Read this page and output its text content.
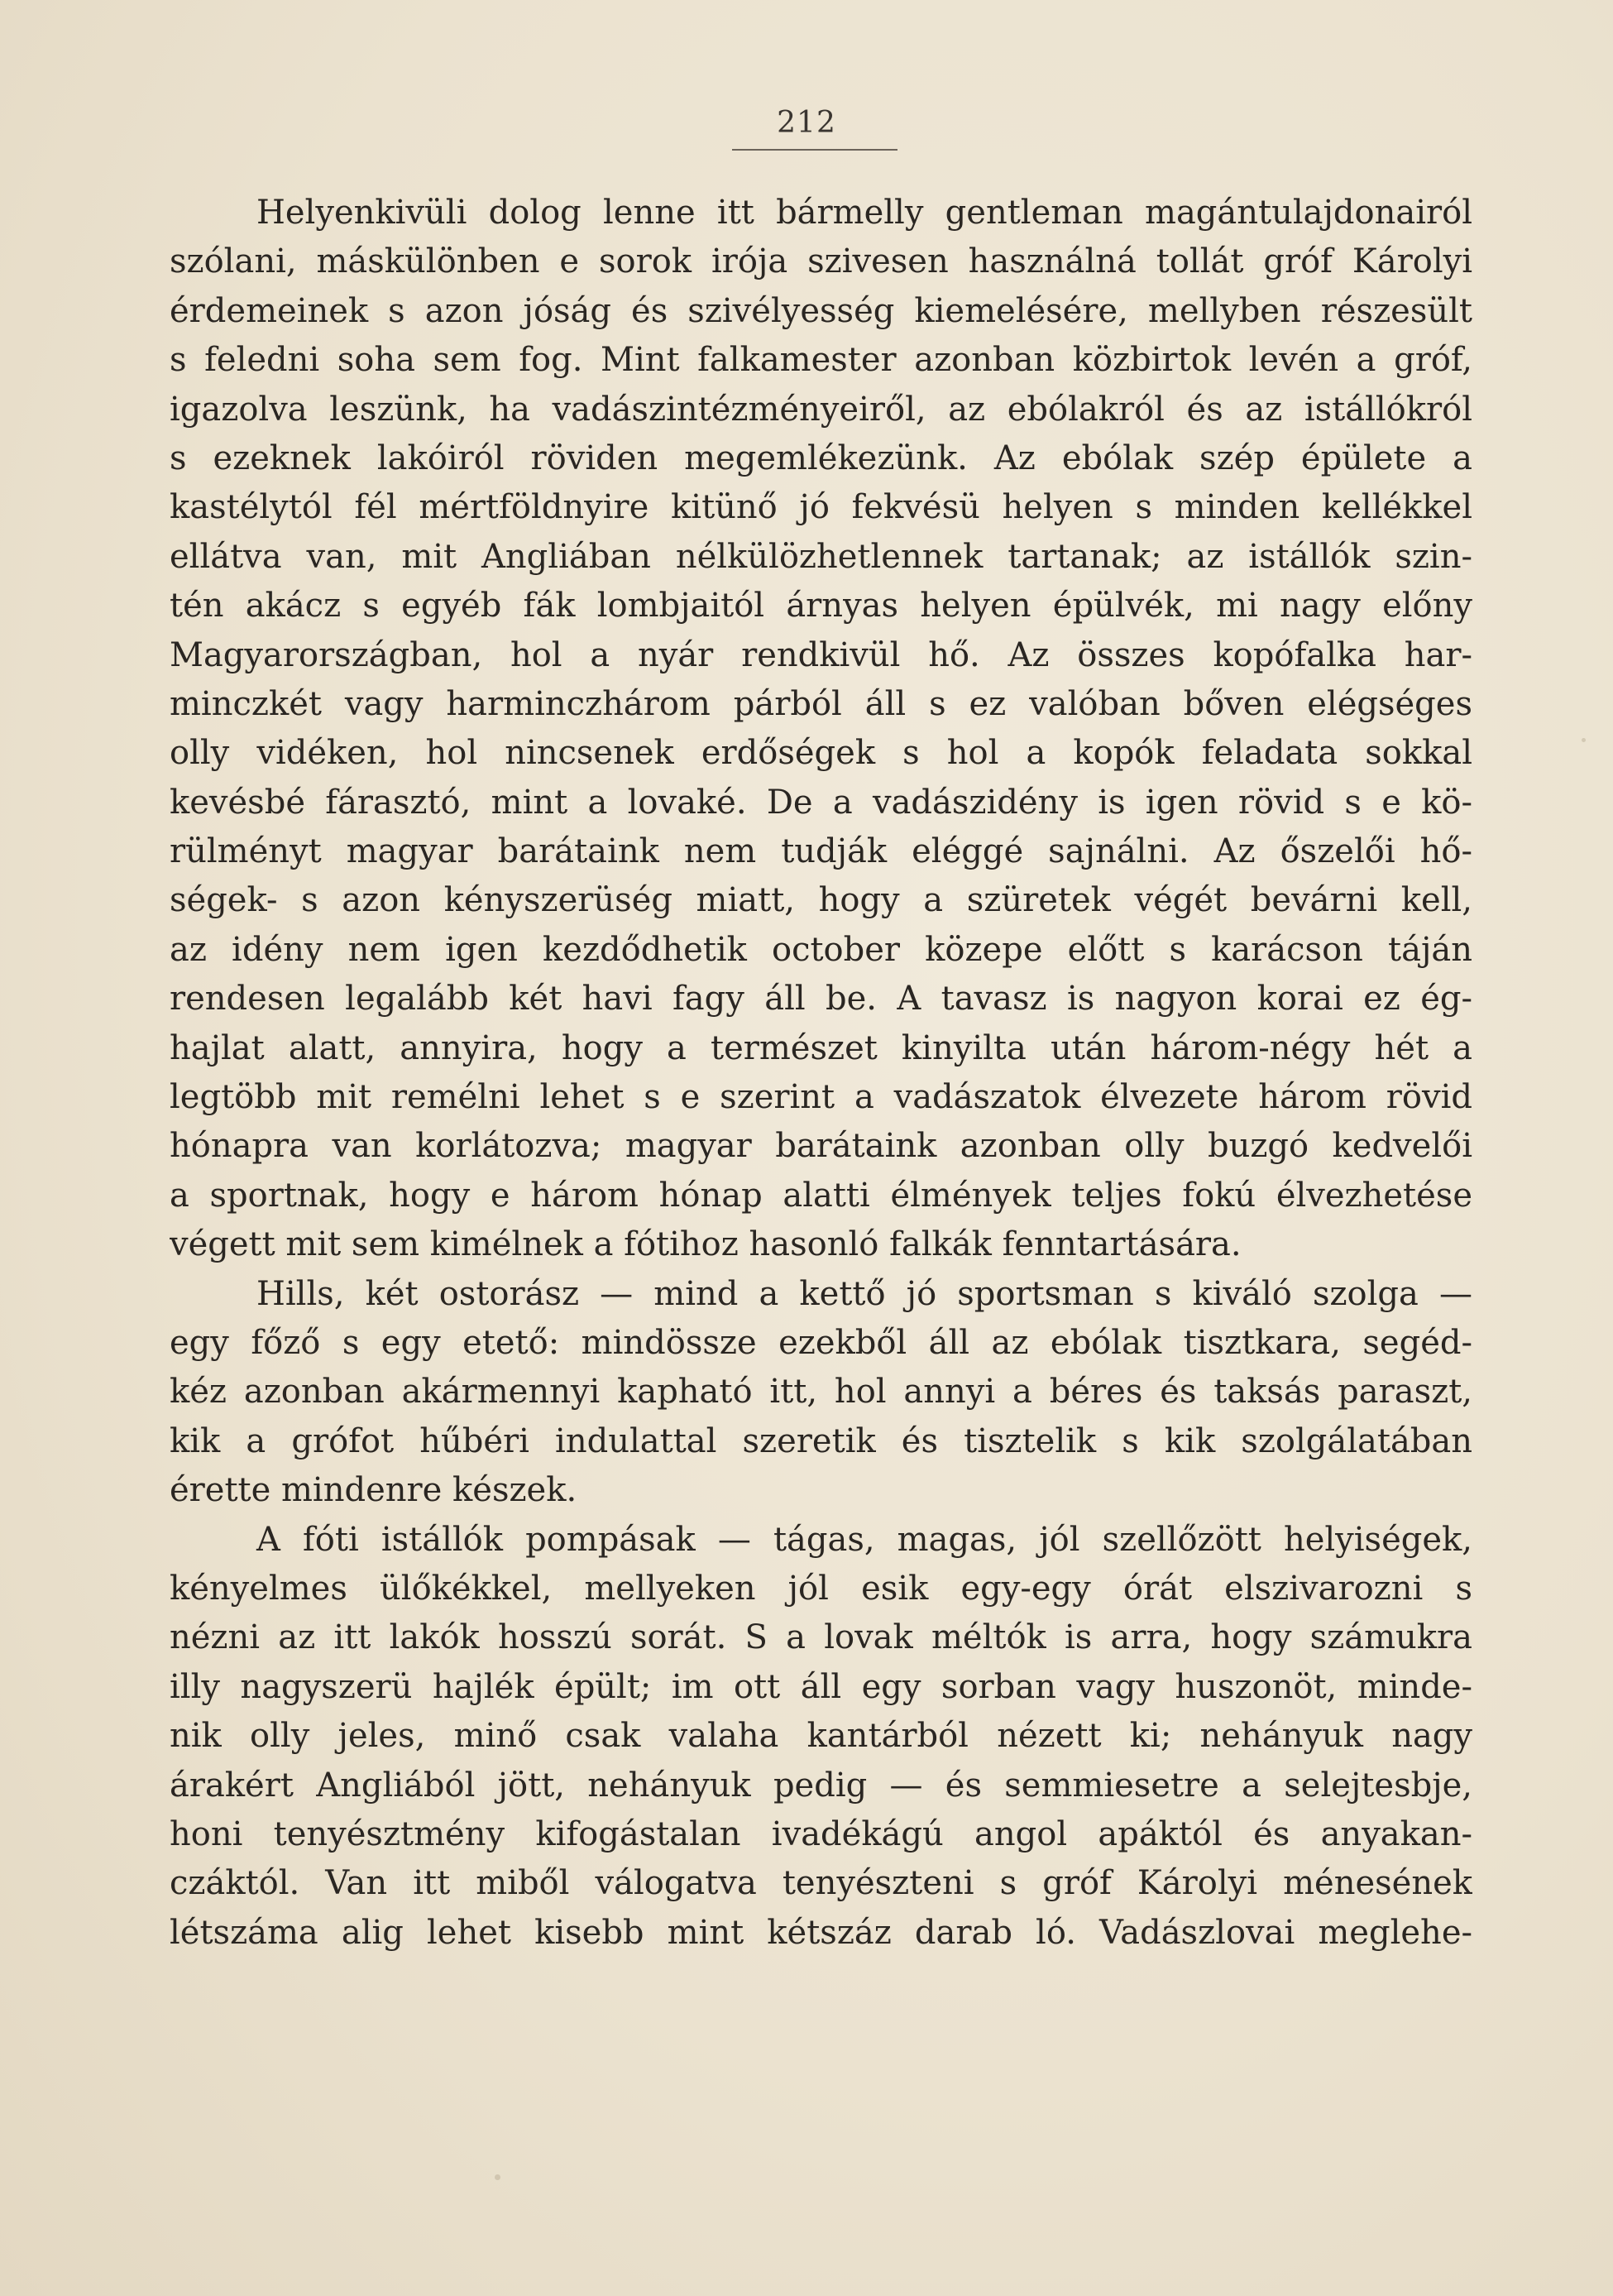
212
Helyenkivüli dolog lenne itt bármelly gentleman magántulajdonairól
szólani, máskülönben e sorok irója szivesen használná tollát gróf Károlyi
érdemeinek s azon jóság és szivélyesség kiemelésére, mellyben részesült
s feledni soha sem fog. Mint falkamester azonban közbirtok levén a gróf,
igazolva leszünk, ha vadászintézményeiről, az ebólakról és az istállókról
s ezeknek lakóiról röviden megemlékezünk. Az ebólak szép épülete a
kastélytól fél mértföldnyire kitünő jó fekvésü helyen s minden kellékkel
ellátva van, mit Angliában nélkülözhetlennek tartanak; az istállók szin-
tén akácz s egyéb fák lombjaitól árnyas helyen épülvék, mi nagy előny
Magyarországban, hol a nyár rendkivül hő. Az összes kopófalka har-
minczkét vagy harminczhárom párból áll s ez valóban bőven elégséges
olly vidéken, hol nincsenek erdőségek s hol a kopók feladata sokkal
kevésbé fárasztó, mint a lovaké. De a vadászidény is igen rövid s e kö-
rülményt magyar barátaink nem tudják eléggé sajnálni. Az őszelői hő-
ségek- s azon kényszerüség miatt, hogy a szüretek végét bevárni kell,
az idény nem igen kezdődhetik october közepe előtt s karácson táján
rendesen legalább két havi fagy áll be. A tavasz is nagyon korai ez ég-
hajlat alatt, annyira, hogy a természet kinyilta után három-négy hét a
legtöbb mit remélni lehet s e szerint a vadászatok élvezete három rövid
hónapra van korlátozva; magyar barátaink azonban olly buzgó kedvelői
a sportnak, hogy e három hónap alatti élmények teljes fokú élvezhetése
végett mit sem kimélnek a fótihoz hasonló falkák fenntartására.
Hills, két ostorász — mind a kettő jó sportsman s kiváló szolga —
egy főző s egy etető: mindössze ezekből áll az ebólak tisztkara, segéd-
kéz azonban akármennyi kapható itt, hol annyi a béres és taksás paraszt,
kik a grófot hűbéri indulattal szeretik és tisztelik s kik szolgálatában
érette mindenre készek.
A fóti istállók pompásak — tágas, magas, jól szellőzött helyiségek,
kényelmes ülőkékkel, mellyeken jól esik egy-egy órát elszivarozni s
nézni az itt lakók hosszú sorát. S a lovak méltók is arra, hogy számukra
illy nagyszerü hajlék épült; im ott áll egy sorban vagy huszonöt, minde-
nik olly jeles, minő csak valaha kantárból nézett ki; nehányuk nagy
árakért Angliából jött, nehányuk pedig — és semmiesetre a selejtesbje,
honi tenyésztmény kifogástalan ivadékágú angol apáktól és anyakan-
czáktól. Van itt miből válogatva tenyészteni s gróf Károlyi ménesének
létszáma alig lehet kisebb mint kétszáz darab ló. Vadászlovai meglehe-
